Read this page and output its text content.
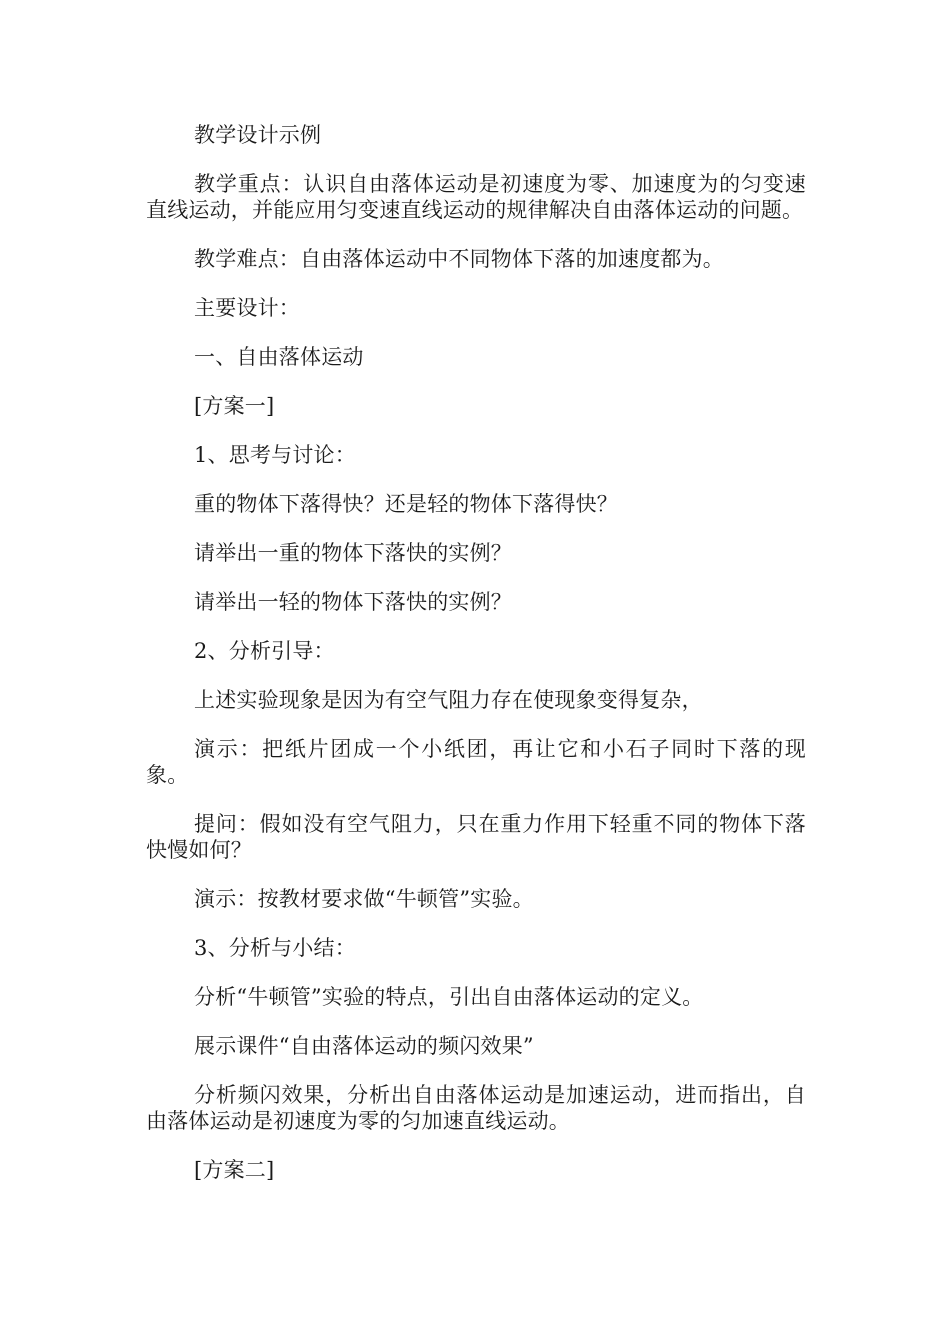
教学设计示例

教学重点：认识自由落体运动是初速度为零、加速度为的匀变速直线运动，并能应用匀变速直线运动的规律解决自由落体运动的问题。

教学难点：自由落体运动中不同物体下落的加速度都为。

主要设计：

一、自由落体运动

[方案一]

1、思考与讨论：

重的物体下落得快？还是轻的物体下落得快？

请举出一重的物体下落快的实例？

请举出一轻的物体下落快的实例？

2、分析引导：

上述实验现象是因为有空气阻力存在使现象变得复杂，

演示：把纸片团成一个小纸团，再让它和小石子同时下落的现象。

提问：假如没有空气阻力，只在重力作用下轻重不同的物体下落快慢如何？

演示：按教材要求做“牛顿管”实验。

3、分析与小结：

分析“牛顿管”实验的特点，引出自由落体运动的定义。

展示课件“自由落体运动的频闪效果”

分析频闪效果，分析出自由落体运动是加速运动，进而指出，自由落体运动是初速度为零的匀加速直线运动。

[方案二]
